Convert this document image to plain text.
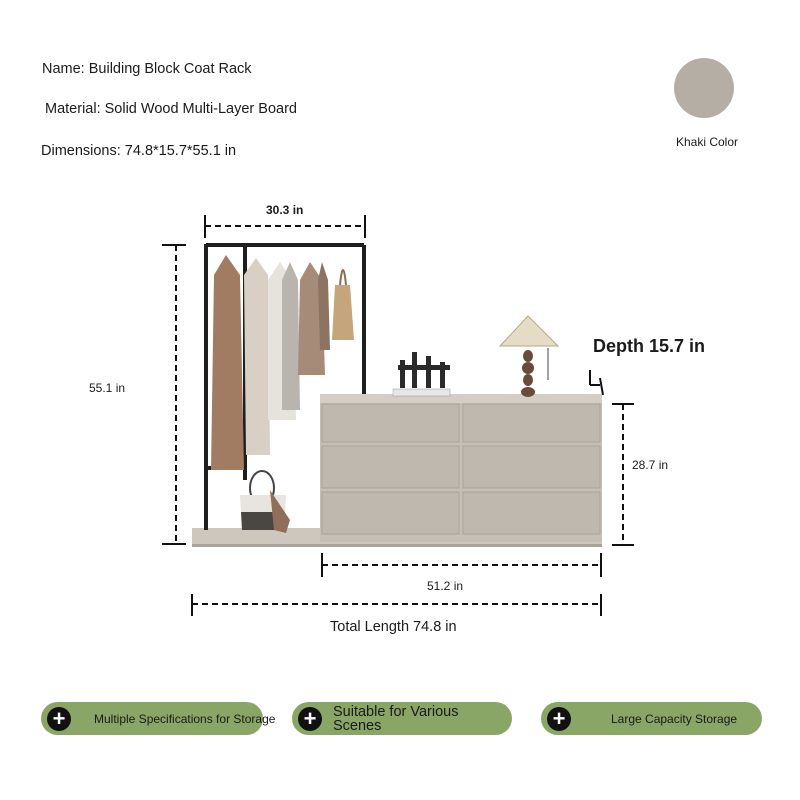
Name: Building Block Coat Rack
Material: Solid Wood Multi-Layer Board
Dimensions: 74.8*15.7*55.1 in
Khaki Color
30.3 in
55.1 in
Depth 15.7 in
28.7 in
51.2 in
Total Length 74.8 in
+	Multiple Specifications for Storage +	Suitable for Various Scenes	+	Large Capacity Storage
